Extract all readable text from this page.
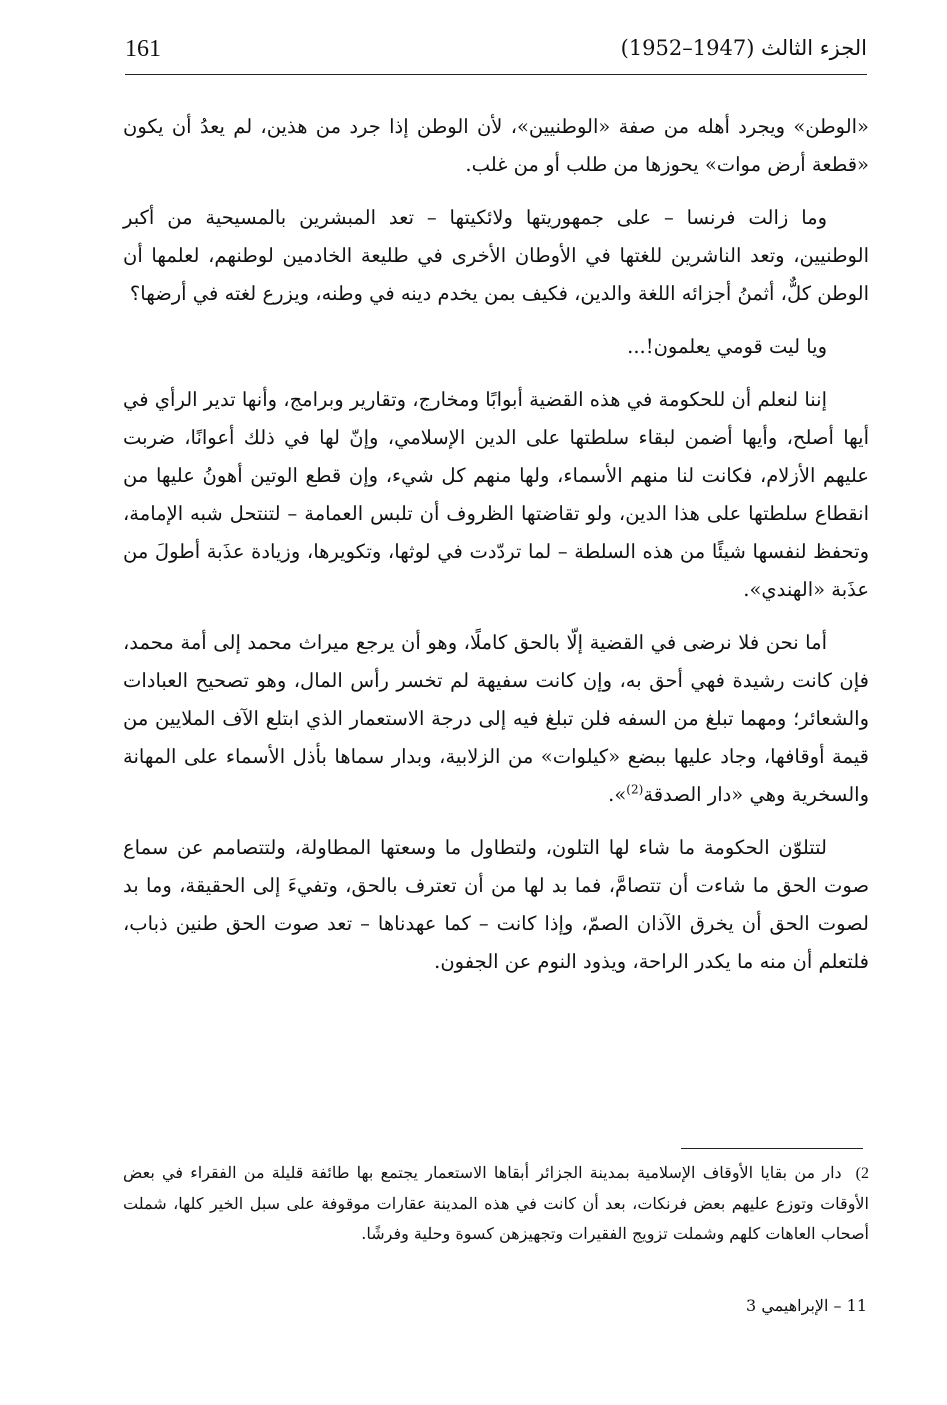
161	الجزء الثالث (1947–1952)

«الوطن» ويجرد أهله من صفة «الوطنيين»، لأن الوطن إذا جرد من هذين، لم يعدُ أن يكون «قطعة أرض موات» يحوزها من طلب أو من غلب.

وما زالت فرنسا – على جمهوريتها ولائكيتها – تعد المبشرين بالمسيحية من أكبر الوطنيين، وتعد الناشرين للغتها في الأوطان الأخرى في طليعة الخادمين لوطنهم، لعلمها أن الوطن كلٌّ، أثمنُ أجزائه اللغة والدين، فكيف بمن يخدم دينه في وطنه، ويزرع لغته في أرضها؟

ويا ليت قومي يعلمون!...

إننا لنعلم أن للحكومة في هذه القضية أبوابًا ومخارج، وتقارير وبرامج، وأنها تدير الرأي في أيها أصلح، وأيها أضمن لبقاء سلطتها على الدين الإسلامي، وإنّ لها في ذلك أعوانًا، ضربت عليهم الأزلام، فكانت لنا منهم الأسماء، ولها منهم كل شيء، وإن قطع الوتين أهونُ عليها من انقطاع سلطتها على هذا الدين، ولو تقاضتها الظروف أن تلبس العمامة – لتنتحل شبه الإمامة، وتحفظ لنفسها شيئًا من هذه السلطة – لما تردّدت في لوثها، وتكويرها، وزيادة عذَبة أطولَ من عذَبة «الهندي».

أما نحن فلا نرضى في القضية إلّا بالحق كاملًا، وهو أن يرجع ميراث محمد إلى أمة محمد، فإن كانت رشيدة فهي أحق به، وإن كانت سفيهة لم تخسر رأس المال، وهو تصحيح العبادات والشعائر؛ ومهما تبلغ من السفه فلن تبلغ فيه إلى درجة الاستعمار الذي ابتلع الآف الملايين من قيمة أوقافها، وجاد عليها ببضع «كيلوات» من الزلابية، وبدار سماها بأذل الأسماء على المهانة والسخرية وهي «دار الصدقة$^{(2)}$».

لتتلوّن الحكومة ما شاء لها التلون، ولتطاول ما وسعتها المطاولة، ولتتصامم عن سماع صوت الحق ما شاءت أن تتصامَّ، فما بد لها من أن تعترف بالحق، وتفيءَ إلى الحقيقة، وما بد لصوت الحق أن يخرق الآذان الصمّ، وإذا كانت – كما عهدناها – تعد صوت الحق طنين ذباب، فلتعلم أن منه ما يكدر الراحة، ويذود النوم عن الجفون.

2)دار من بقايا الأوقاف الإسلامية بمدينة الجزائر أبقاها الاستعمار يجتمع بها طائفة قليلة من الفقراء في بعض الأوقات وتوزع عليهم بعض فرنكات، بعد أن كانت في هذه المدينة عقارات موقوفة على سبل الخير كلها، شملت أصحاب العاهات كلهم وشملت تزويج الفقيرات وتجهيزهن كسوة وحلية وفرشًا.
11 – الإبراهيمي 3
